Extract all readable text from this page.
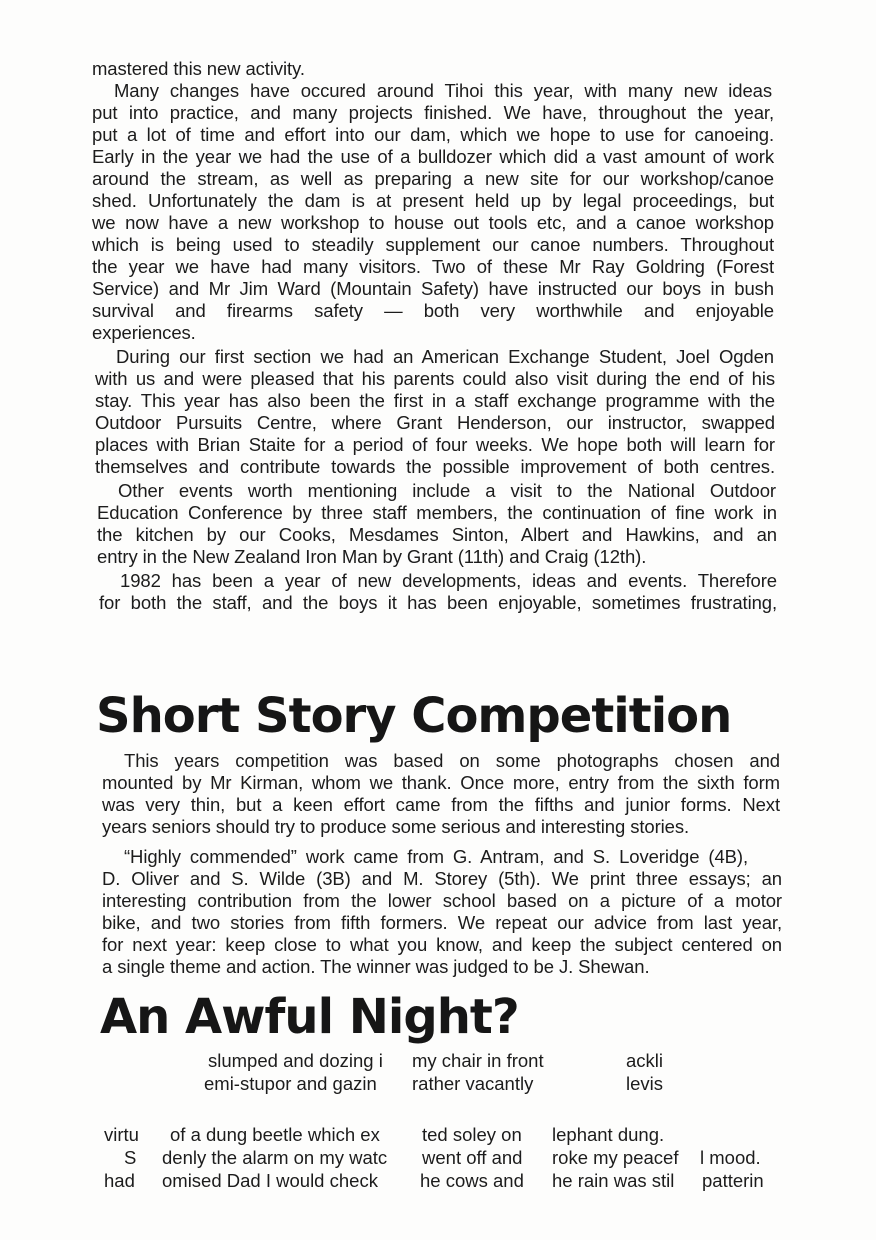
mastered this new activity.
Many changes have occured around Tihoi this year, with many new ideas
put into practice, and many projects finished. We have, throughout the year,
put a lot of time and effort into our dam, which we hope to use for canoeing.
Early in the year we had the use of a bulldozer which did a vast amount of work
around the stream, as well as preparing a new site for our workshop/canoe
shed. Unfortunately the dam is at present held up by legal proceedings, but
we now have a new workshop to house out tools etc, and a canoe workshop
which is being used to steadily supplement our canoe numbers. Throughout
the year we have had many visitors. Two of these Mr Ray Goldring (Forest
Service) and Mr Jim Ward (Mountain Safety) have instructed our boys in bush
survival and firearms safety — both very worthwhile and enjoyable
experiences.
During our first section we had an American Exchange Student, Joel Ogden
with us and were pleased that his parents could also visit during the end of his
stay. This year has also been the first in a staff exchange programme with the
Outdoor Pursuits Centre, where Grant Henderson, our instructor, swapped
places with Brian Staite for a period of four weeks. We hope both will learn for
themselves and contribute towards the possible improvement of both centres.
Other events worth mentioning include a visit to the National Outdoor
Education Conference by three staff members, the continuation of fine work in
the kitchen by our Cooks, Mesdames Sinton, Albert and Hawkins, and an
entry in the New Zealand Iron Man by Grant (11th) and Craig (12th).
1982 has been a year of new developments, ideas and events. Therefore
for both the staff, and the boys it has been enjoyable, sometimes frustrating,
Short Story Competition
This years competition was based on some photographs chosen and
mounted by Mr Kirman, whom we thank. Once more, entry from the sixth form
was very thin, but a keen effort came from the fifths and junior forms. Next
years seniors should try to produce some serious and interesting stories.
“Highly commended” work came from G. Antram, and S. Loveridge (4B),
D. Oliver and S. Wilde (3B) and M. Storey (5th). We print three essays; an
interesting contribution from the lower school based on a picture of a motor
bike, and two stories from fifth formers. We repeat our advice from last year,
for next year: keep close to what you know, and keep the subject centered on
a single theme and action. The winner was judged to be J. Shewan.
An Awful Night?
slumped and dozing i my chair in front	ackli
emi-stupor and gazin rather vacantly	levis
virtu of a dung beetle which ex ted soley on lephant dung.
S denly the alarm on my watc went off and roke my peacef l mood.
had omised Dad I would check he cows and he rain was stil patterin
